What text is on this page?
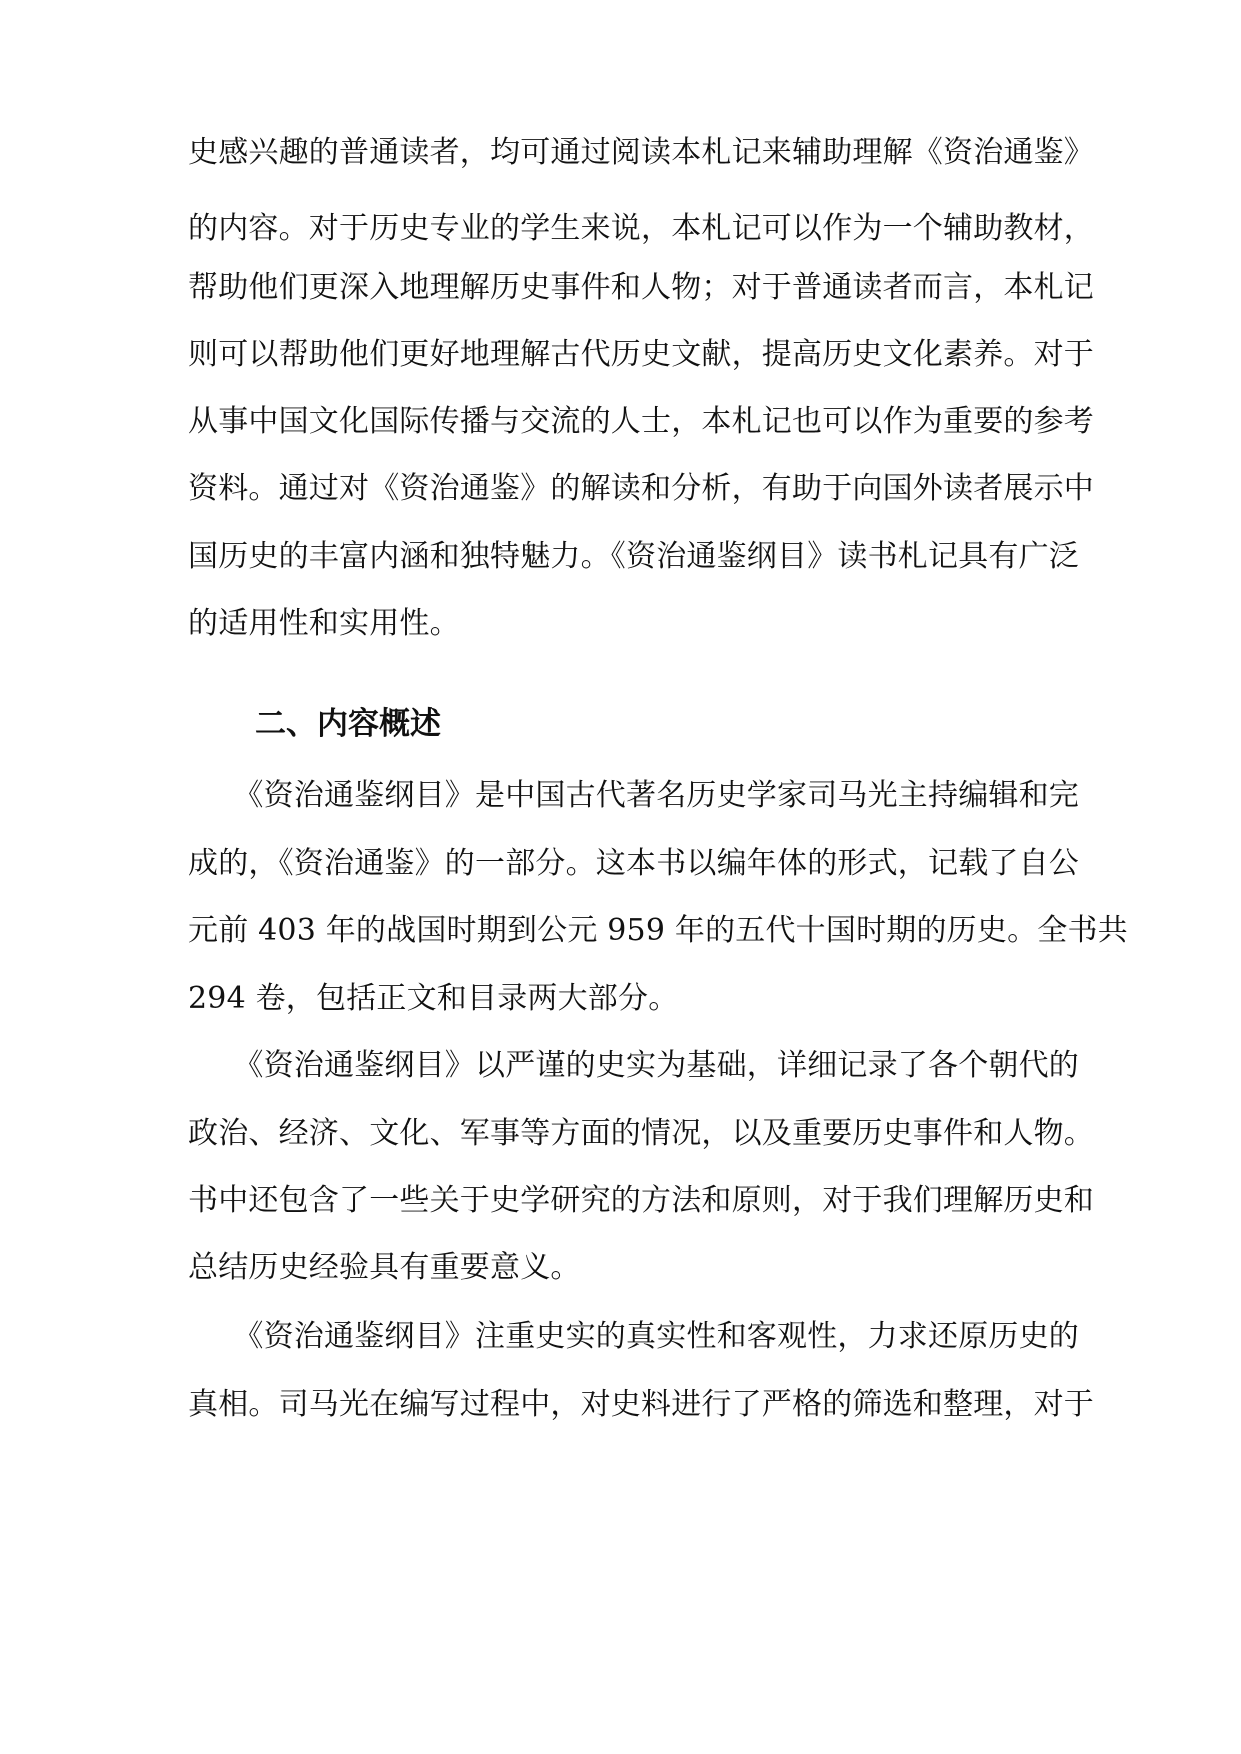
史感兴趣的普通读者，均可通过阅读本札记来辅助理解《资治通鉴》
的内容。对于历史专业的学生来说，本札记可以作为一个辅助教材，
帮助他们更深入地理解历史事件和人物；对于普通读者而言，本札记
则可以帮助他们更好地理解古代历史文献，提高历史文化素养。对于
从事中国文化国际传播与交流的人士，本札记也可以作为重要的参考
资料。通过对《资治通鉴》的解读和分析，有助于向国外读者展示中
国历史的丰富内涵和独特魅力。《资治通鉴纲目》读书札记具有广泛
的适用性和实用性。
二、内容概述
　　《资治通鉴纲目》是中国古代著名历史学家司马光主持编辑和完
成的，《资治通鉴》的一部分。这本书以编年体的形式，记载了自公
元前 403 年的战国时期到公元 959 年的五代十国时期的历史。全书共
294 卷，包括正文和目录两大部分。
　　《资治通鉴纲目》以严谨的史实为基础，详细记录了各个朝代的
政治、经济、文化、军事等方面的情况，以及重要历史事件和人物。
书中还包含了一些关于史学研究的方法和原则，对于我们理解历史和
总结历史经验具有重要意义。
　　《资治通鉴纲目》注重史实的真实性和客观性，力求还原历史的
真相。司马光在编写过程中，对史料进行了严格的筛选和整理，对于
